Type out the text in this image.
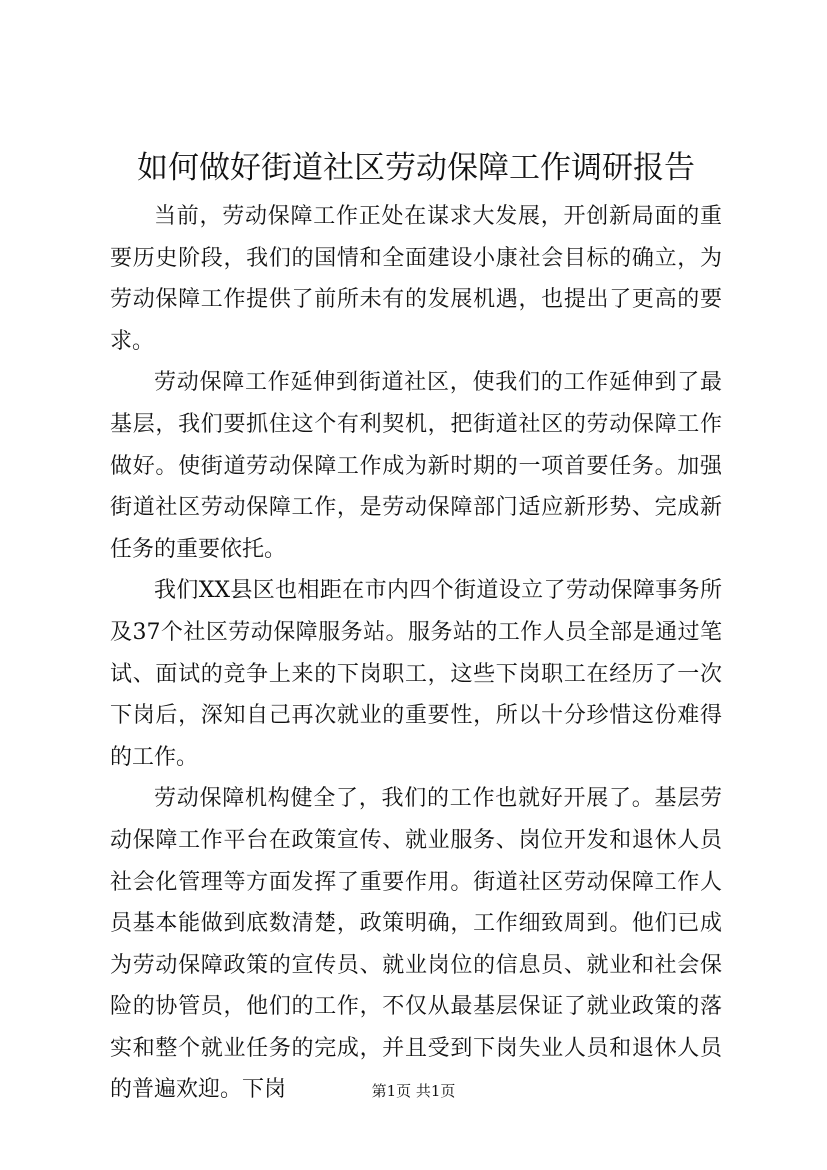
如何做好街道社区劳动保障工作调研报告

当前，劳动保障工作正处在谋求大发展，开创新局面的重要历史阶段，我们的国情和全面建设小康社会目标的确立，为劳动保障工作提供了前所未有的发展机遇，也提出了更高的要求。

劳动保障工作延伸到街道社区，使我们的工作延伸到了最基层，我们要抓住这个有利契机，把街道社区的劳动保障工作做好。使街道劳动保障工作成为新时期的一项首要任务。加强街道社区劳动保障工作，是劳动保障部门适应新形势、完成新任务的重要依托。

我们XX县区也相距在市内四个街道设立了劳动保障事务所及37个社区劳动保障服务站。服务站的工作人员全部是通过笔试、面试的竞争上来的下岗职工，这些下岗职工在经历了一次下岗后，深知自己再次就业的重要性，所以十分珍惜这份难得的工作。

劳动保障机构健全了，我们的工作也就好开展了。基层劳动保障工作平台在政策宣传、就业服务、岗位开发和退休人员社会化管理等方面发挥了重要作用。街道社区劳动保障工作人员基本能做到底数清楚，政策明确，工作细致周到。他们已成为劳动保障政策的宣传员、就业岗位的信息员、就业和社会保险的协管员，他们的工作，不仅从最基层保证了就业政策的落实和整个就业任务的完成，并且受到下岗失业人员和退休人员的普遍欢迎。下岗	第1页 共1页
